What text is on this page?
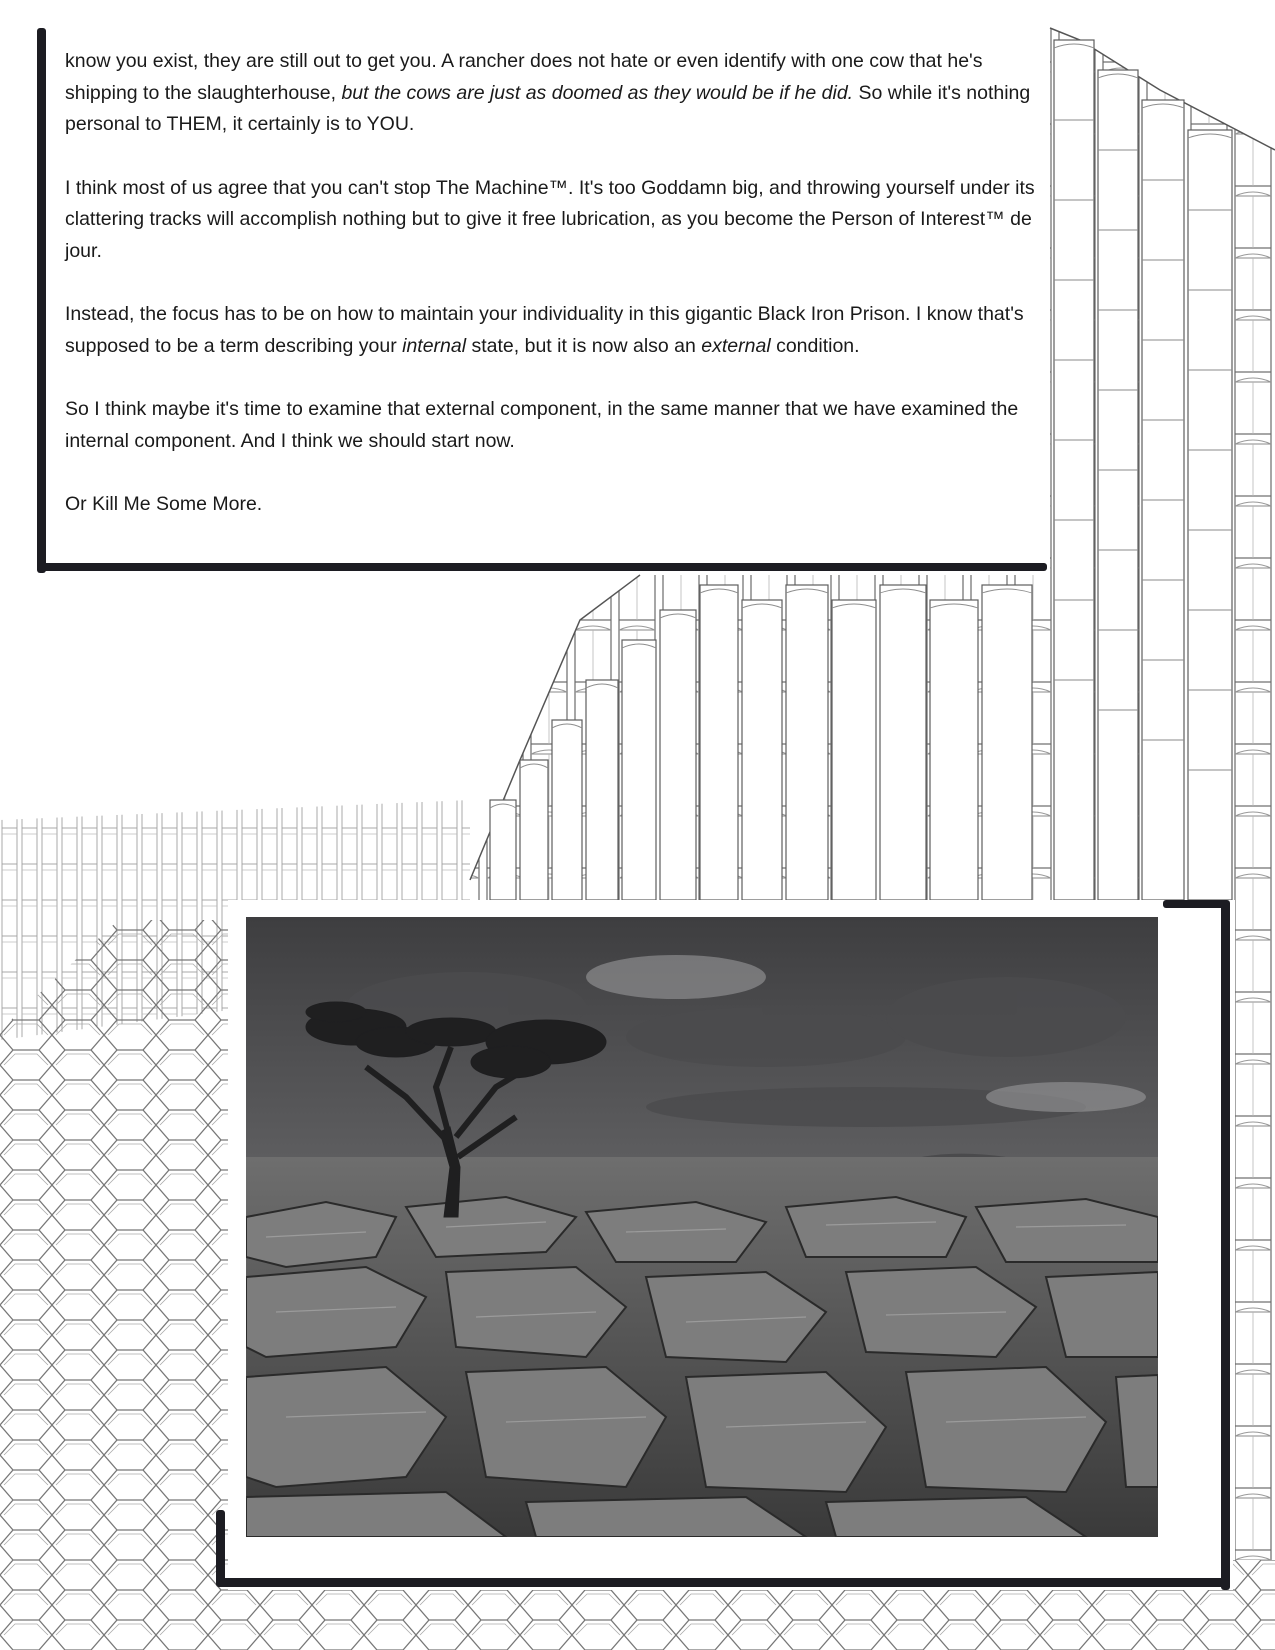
know you exist, they are still out to get you. A rancher does not hate or even identify with one cow that he's shipping to the slaughterhouse, but the cows are just as doomed as they would be if he did. So while it's nothing personal to THEM, it certainly is to YOU.

I think most of us agree that you can't stop The Machine™. It's too Goddamn big, and throwing yourself under its clattering tracks will accomplish nothing but to give it free lubrication, as you become the Person of Interest™ de jour.

Instead, the focus has to be on how to maintain your individuality in this gigantic Black Iron Prison. I know that's supposed to be a term describing your internal state, but it is now also an external condition.

So I think maybe it's time to examine that external component, in the same manner that we have examined the internal component. And I think we should start now.

Or Kill Me Some More.
